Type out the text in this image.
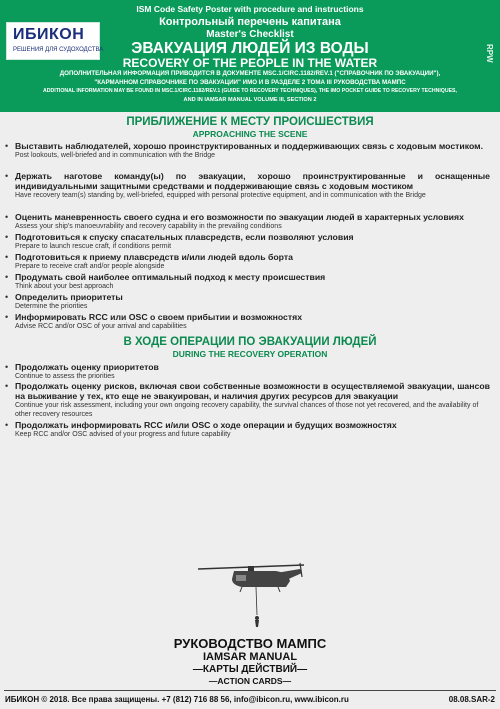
ИБИКОН
РЕШЕНИЯ ДЛЯ СУДОХОДСТВА
ISM Code Safety Poster with procedure and instructions
Контрольный перечень капитана
Master's Checklist
ЭВАКУАЦИЯ ЛЮДЕЙ ИЗ ВОДЫ
RECOVERY OF THE PEOPLE IN THE WATER
ДОПОЛНИТЕЛЬНАЯ ИНФОРМАЦИЯ ПРИВОДИТСЯ В ДОКУМЕНТЕ MSC.1/CIRC.1182/REV.1 ("СПРАВОЧНИК ПО ЭВАКУАЦИИ"),
"КАРМАННОМ СПРАВОЧНИКЕ ПО ЭВАКУАЦИИ" ИМО И В РАЗДЕЛЕ 2 ТОМА III РУКОВОДСТВА МАМПС
ADDITIONAL INFORMATION MAY BE FOUND IN MSC.1/CIRC.1182/REV.1 (GUIDE TO RECOVERY TECHNIQUES), THE IMO POCKET GUIDE TO RECOVERY TECHNIQUES,
AND IN IAMSAR MANUAL VOLUME III, SECTION 2
RPW
ПРИБЛИЖЕНИЕ К МЕСТУ ПРОИСШЕСТВИЯ
APPROACHING THE SCENE
• Выставить наблюдателей, хорошо проинструктированных и поддерживающих связь с ходовым мостиком.
Post lookouts, well-briefed and in communication with the Bridge
• Держать наготове команду(ы) по эвакуации, хорошо проинструктированные и оснащенные индивидуальными защитными средствами и поддерживающие связь с ходовым мостиком
Have recovery team(s) standing by, well-briefed, equipped with personal protective equipment, and in communication with the Bridge
• Оценить маневренность своего судна и его возможности по эвакуации людей в характерных условиях
Assess your ship's manoeuvrability and recovery capability in the prevailing conditions
• Подготовиться к спуску спасательных плавсредств, если позволяют условия
Prepare to launch rescue craft, if conditions permit
• Подготовиться к приему плавсредств и/или людей вдоль борта
Prepare to receive craft and/or people alongside
• Продумать свой наиболее оптимальный подход к месту происшествия
Think about your best approach
• Определить приоритеты
Determine the priorities
• Информировать RCC или OSC о своем прибытии и возможностях
Advise RCC and/or OSC of your arrival and capabilities
В ХОДЕ ОПЕРАЦИИ ПО ЭВАКУАЦИИ ЛЮДЕЙ
DURING THE RECOVERY OPERATION
• Продолжать оценку приоритетов
Continue to assess the priorities
• Продолжать оценку рисков, включая свои собственные возможности в осуществляемой эвакуации, шансов на выживание у тех, кто еще не эвакуирован, и наличия других ресурсов для эвакуации
Continue your risk assessment, including your own ongoing recovery capability, the survival chances of those not yet recovered, and the availability of other recovery resources
• Продолжать информировать RCC и/или OSC о ходе операции и будущих возможностях
Keep RCC and/or OSC advised of your progress and future capability
РУКОВОДСТВО МАМПС
IAMSAR MANUAL
—КАРТЫ ДЕЙСТВИЙ—
—ACTION CARDS—
ИБИКОН © 2018. Все права защищены. +7 (812) 716 88 56, info@ibicon.ru, www.ibicon.ru	08.08.SAR-2
